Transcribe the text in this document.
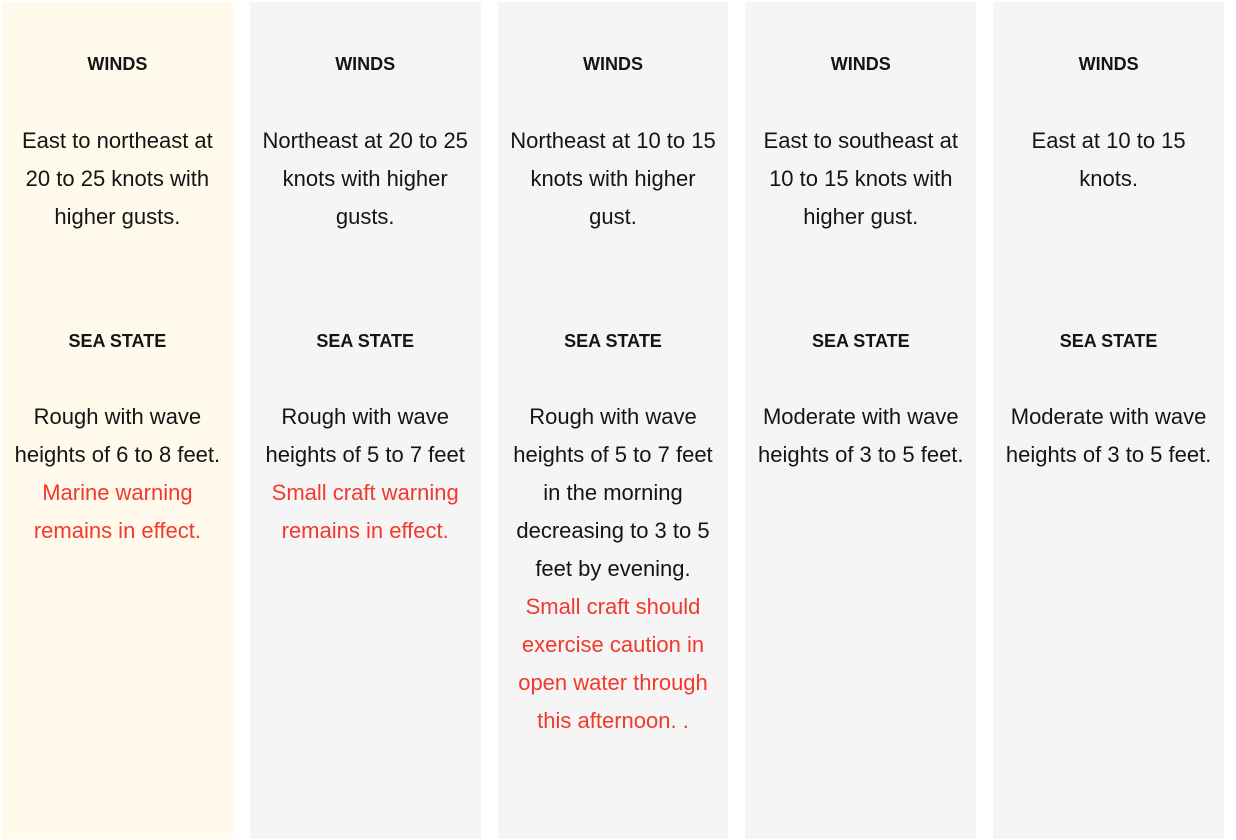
WINDS
East to northeast at 20 to 25 knots with higher gusts.
SEA STATE
Rough with wave heights of 6 to 8 feet. Marine warning remains in effect.
WINDS
Northeast at 20 to 25 knots with higher gusts.
SEA STATE
Rough with wave heights of 5 to 7 feet Small craft warning remains in effect.
WINDS
Northeast at 10 to 15 knots with higher gust.
SEA STATE
Rough with wave heights of 5 to 7 feet in the morning decreasing to 3 to 5 feet by evening. Small craft should exercise caution in open water through this afternoon. .
WINDS
East to southeast at 10 to 15 knots with higher gust.
SEA STATE
Moderate with wave heights of 3 to 5 feet.
WINDS
East at 10 to 15 knots.
SEA STATE
Moderate with wave heights of 3 to 5 feet.
